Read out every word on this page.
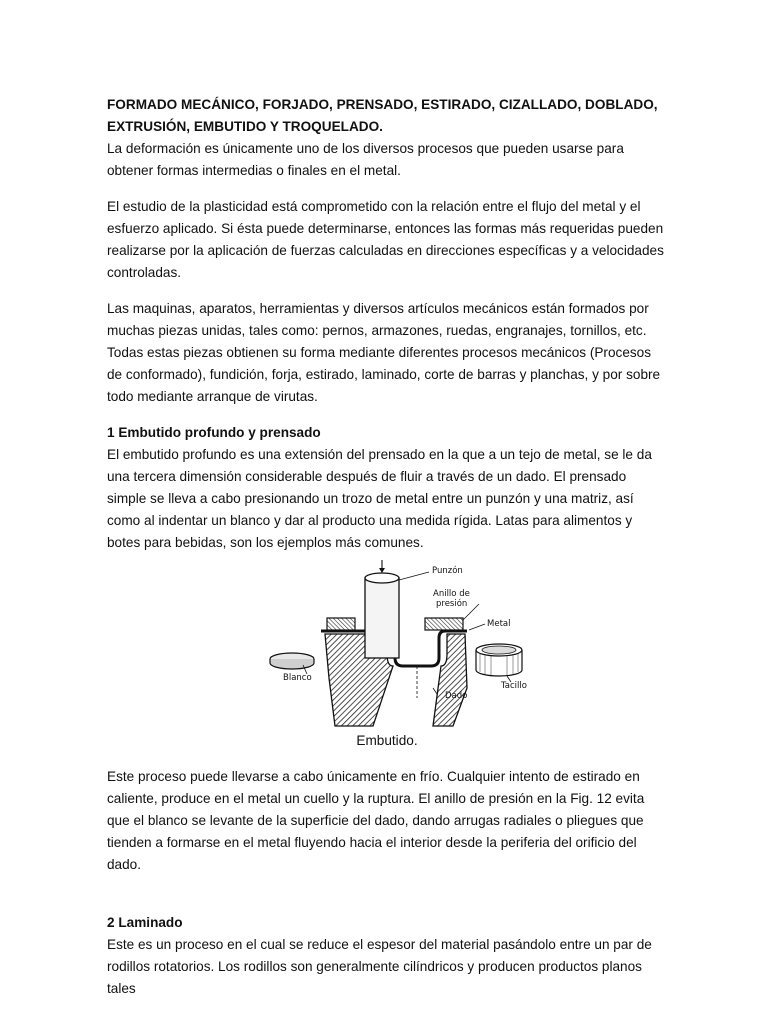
FORMADO MECÁNICO, FORJADO, PRENSADO, ESTIRADO, CIZALLADO, DOBLADO, EXTRUSIÓN, EMBUTIDO Y TROQUELADO.

La deformación es únicamente uno de los diversos procesos que pueden usarse para obtener formas intermedias o finales en el metal.

El estudio de la plasticidad está comprometido con la relación entre el flujo del metal y el esfuerzo aplicado. Si ésta puede determinarse, entonces las formas más requeridas pueden realizarse por la aplicación de fuerzas calculadas en direcciones específicas y a velocidades controladas.

Las maquinas, aparatos, herramientas y diversos artículos mecánicos están formados por muchas piezas unidas, tales como: pernos, armazones, ruedas, engranajes, tornillos, etc. Todas estas piezas obtienen su forma mediante diferentes procesos mecánicos (Procesos de conformado), fundición, forja, estirado, laminado, corte de barras y planchas, y por sobre todo mediante arranque de virutas.

1 Embutido profundo y prensado

El embutido profundo es una extensión del prensado en la que a un tejo de metal, se le da una tercera dimensión considerable después de fluir a través de un dado. El prensado simple se lleva a cabo presionando un trozo de metal entre un punzón y una matriz, así como al indentar un blanco y dar al producto una medida rígida. Latas para alimentos y botes para bebidas, son los ejemplos más comunes.

Punzón
Anillo de
presión
Metal
Blanco
Dado
Tacillo

Embutido.

Este proceso puede llevarse a cabo únicamente en frío. Cualquier intento de estirado en caliente, produce en el metal un cuello y la ruptura. El anillo de presión en la Fig. 12 evita que el blanco se levante de la superficie del dado, dando arrugas radiales o pliegues que tienden a formarse en el metal fluyendo hacia el interior desde la periferia del orificio del dado.

2 Laminado

Este es un proceso en el cual se reduce el espesor del material pasándolo entre un par de rodillos rotatorios. Los rodillos son generalmente cilíndricos y producen productos planos tales
